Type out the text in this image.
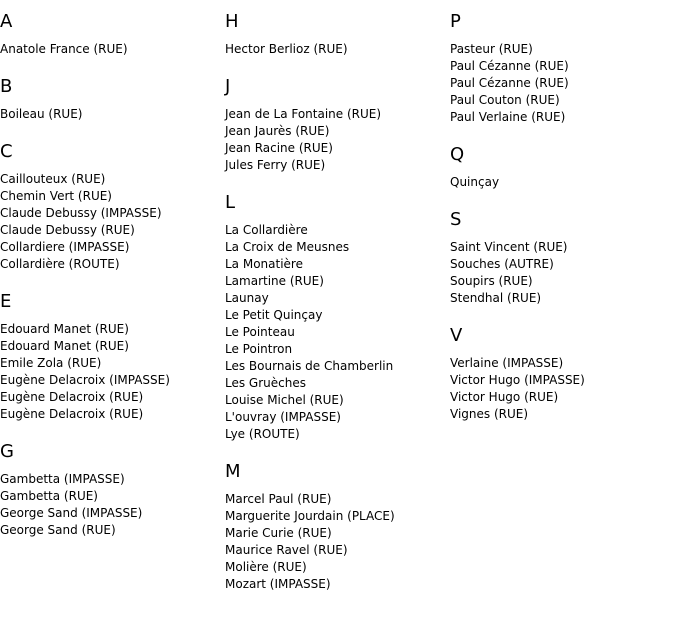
A
Anatole France (RUE)
B
Boileau (RUE)
C
Caillouteux (RUE)
Chemin Vert (RUE)
Claude Debussy (IMPASSE)
Claude Debussy (RUE)
Collardiere (IMPASSE)
Collardière (ROUTE)
E
Edouard Manet (RUE)
Edouard Manet (RUE)
Emile Zola (RUE)
Eugène Delacroix (IMPASSE)
Eugène Delacroix (RUE)
Eugène Delacroix (RUE)
G
Gambetta (IMPASSE)
Gambetta (RUE)
George Sand (IMPASSE)
George Sand (RUE)
H
Hector Berlioz (RUE)
J
Jean de La Fontaine (RUE)
Jean Jaurès (RUE)
Jean Racine (RUE)
Jules Ferry (RUE)
L
La Collardière
La Croix de Meusnes
La Monatière
Lamartine (RUE)
Launay
Le Petit Quinçay
Le Pointeau
Le Pointron
Les Bournais de Chamberlin
Les Gruèches
Louise Michel (RUE)
L'ouvray (IMPASSE)
Lye (ROUTE)
M
Marcel Paul (RUE)
Marguerite Jourdain (PLACE)
Marie Curie (RUE)
Maurice Ravel (RUE)
Molière (RUE)
Mozart (IMPASSE)
P
Pasteur (RUE)
Paul Cézanne (RUE)
Paul Cézanne (RUE)
Paul Couton (RUE)
Paul Verlaine (RUE)
Q
Quinçay
S
Saint Vincent (RUE)
Souches (AUTRE)
Soupirs (RUE)
Stendhal (RUE)
V
Verlaine (IMPASSE)
Victor Hugo (IMPASSE)
Victor Hugo (RUE)
Vignes (RUE)
